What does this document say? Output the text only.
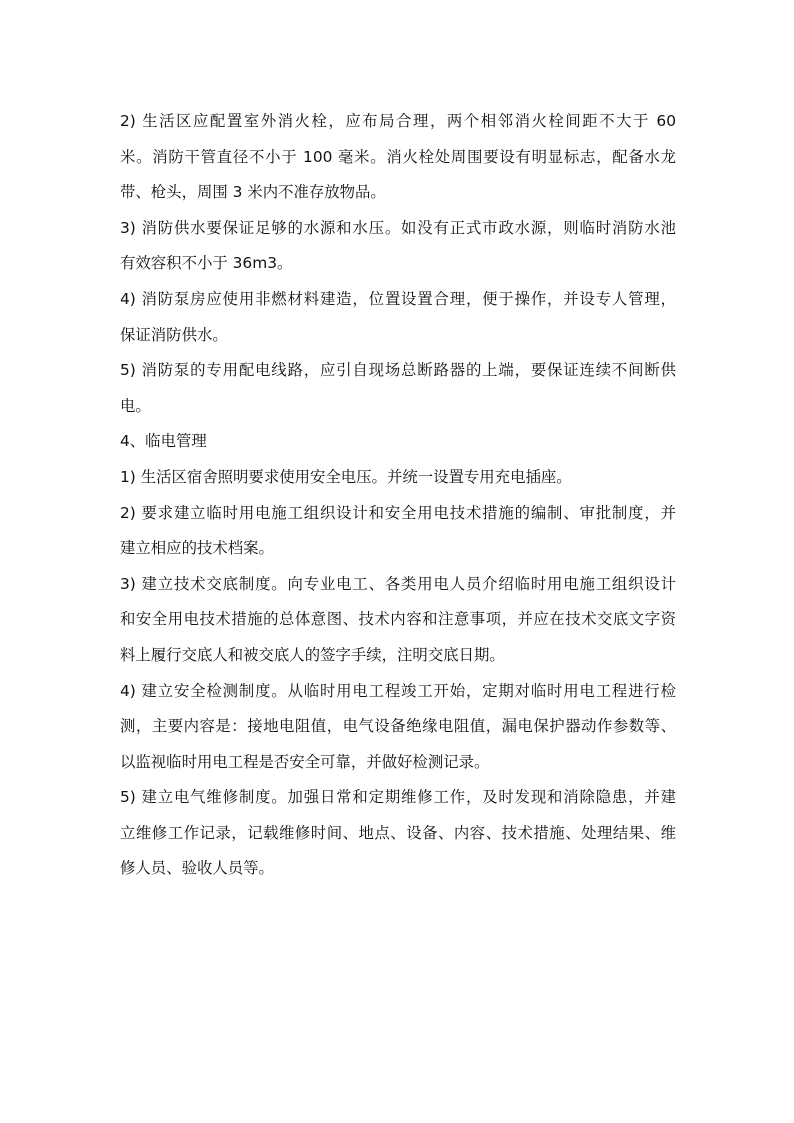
2) 生活区应配置室外消火栓，应布局合理，两个相邻消火栓间距不大于 60
米。消防干管直径不小于 100 毫米。消火栓处周围要设有明显标志，配备水龙
带、枪头，周围 3 米内不准存放物品。

3) 消防供水要保证足够的水源和水压。如没有正式市政水源，则临时消防水池
有效容积不小于 36m3。

4) 消防泵房应使用非燃材料建造，位置设置合理，便于操作，并设专人管理，
保证消防供水。

5) 消防泵的专用配电线路，应引自现场总断路器的上端，要保证连续不间断供
电。

4、临电管理

1) 生活区宿舍照明要求使用安全电压。并统一设置专用充电插座。

2) 要求建立临时用电施工组织设计和安全用电技术措施的编制、审批制度，并
建立相应的技术档案。

3) 建立技术交底制度。向专业电工、各类用电人员介绍临时用电施工组织设计
和安全用电技术措施的总体意图、技术内容和注意事项，并应在技术交底文字资
料上履行交底人和被交底人的签字手续，注明交底日期。

4) 建立安全检测制度。从临时用电工程竣工开始，定期对临时用电工程进行检
测，主要内容是：接地电阻值，电气设备绝缘电阻值，漏电保护器动作参数等、
以监视临时用电工程是否安全可靠，并做好检测记录。

5) 建立电气维修制度。加强日常和定期维修工作，及时发现和消除隐患，并建
立维修工作记录，记载维修时间、地点、设备、内容、技术措施、处理结果、维
修人员、验收人员等。
